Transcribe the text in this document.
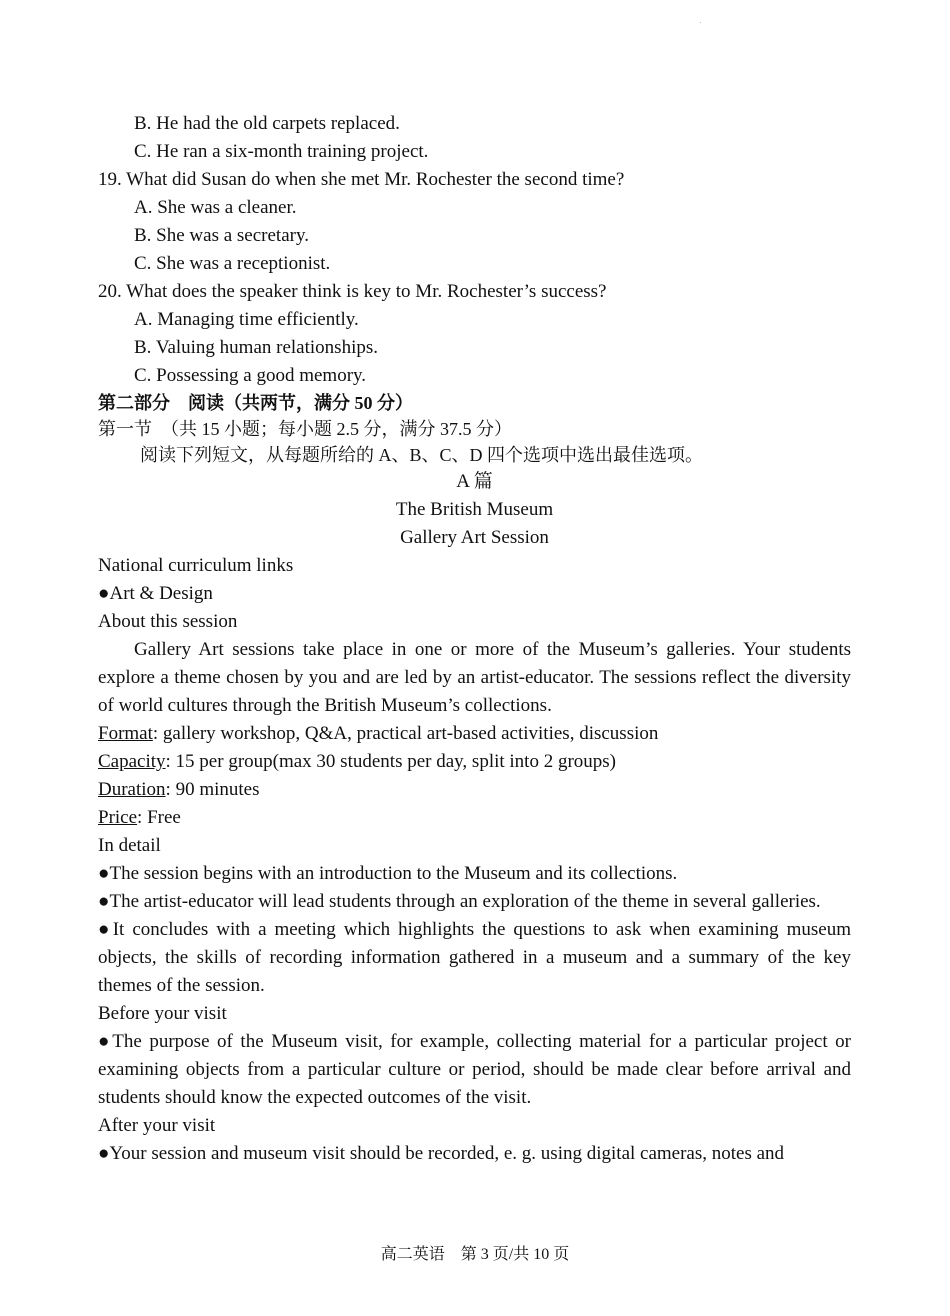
B. He had the old carpets replaced.

C. He ran a six-month training project.

19. What did Susan do when she met Mr. Rochester the second time?

A. She was a cleaner.

B. She was a secretary.

C. She was a receptionist.

20. What does the speaker think is key to Mr. Rochester’s success?

A. Managing time efficiently.

B. Valuing human relationships.

C. Possessing a good memory.

第二部分　阅读（共两节，满分 50 分）

第一节　（共 15 小题；每小题 2.5 分，满分 37.5 分）

阅读下列短文，从每题所给的 A、B、C、D 四个选项中选出最佳选项。

A 篇

The British Museum

Gallery Art Session

National curriculum links

●Art & Design

About this session

Gallery Art sessions take place in one or more of the Museum’s galleries. Your students explore a theme chosen by you and are led by an artist-educator. The sessions reflect the diversity of world cultures through the British Museum’s collections.

Format: gallery workshop, Q&A, practical art-based activities, discussion

Capacity: 15 per group(max 30 students per day, split into 2 groups)

Duration: 90 minutes

Price: Free

In detail

●The session begins with an introduction to the Museum and its collections.

●The artist-educator will lead students through an exploration of the theme in several galleries.

●It concludes with a meeting which highlights the questions to ask when examining museum objects, the skills of recording information gathered in a museum and a summary of the key themes of the session.

Before your visit

●The purpose of the Museum visit, for example, collecting material for a particular project or examining objects from a particular culture or period, should be made clear before arrival and students should know the expected outcomes of the visit.

After your visit

●Your session and museum visit should be recorded, e. g. using digital cameras, notes and

高二英语 第 3 页/共 10 页
